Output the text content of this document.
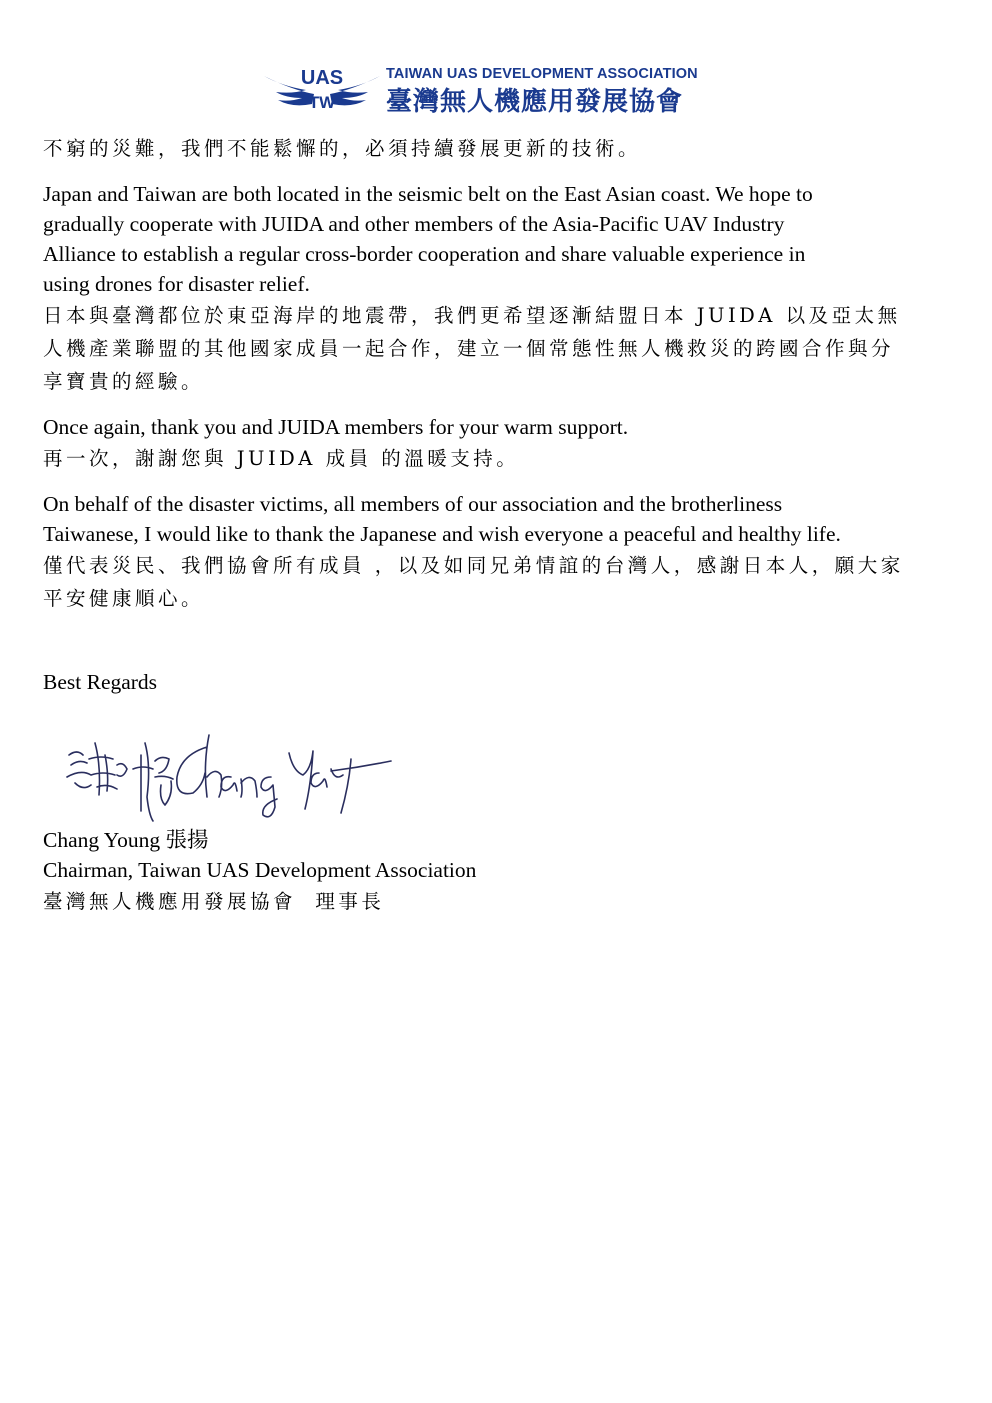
UAS
TW
TAIWAN UAS DEVELOPMENT ASSOCIATION
臺灣無人機應用發展協會

不窮的災難，我們不能鬆懈的，必須持續發展更新的技術。

Japan and Taiwan are both located in the seismic belt on the East Asian coast. We hope to

gradually cooperate with JUIDA and other members of the Asia-Pacific UAV Industry

Alliance to establish a regular cross-border cooperation and share valuable experience in

using drones for disaster relief.

日本與臺灣都位於東亞海岸的地震帶，我們更希望逐漸結盟日本 JUIDA 以及亞太無

人機產業聯盟的其他國家成員一起合作，建立一個常態性無人機救災的跨國合作與分

享寶貴的經驗。

Once again, thank you and JUIDA members for your warm support.

再一次，謝謝您與 JUIDA 成員 的溫暖支持。

On behalf of the disaster victims, all members of our association and the brotherliness

Taiwanese, I would like to thank the Japanese and wish everyone a peaceful and healthy life.

僅代表災民、我們協會所有成員 ，以及如同兄弟情誼的台灣人，感謝日本人，願大家

平安健康順心。

Best Regards

Chang Young 張揚

Chairman, Taiwan UAS Development Association

臺灣無人機應用發展協會  理事長
